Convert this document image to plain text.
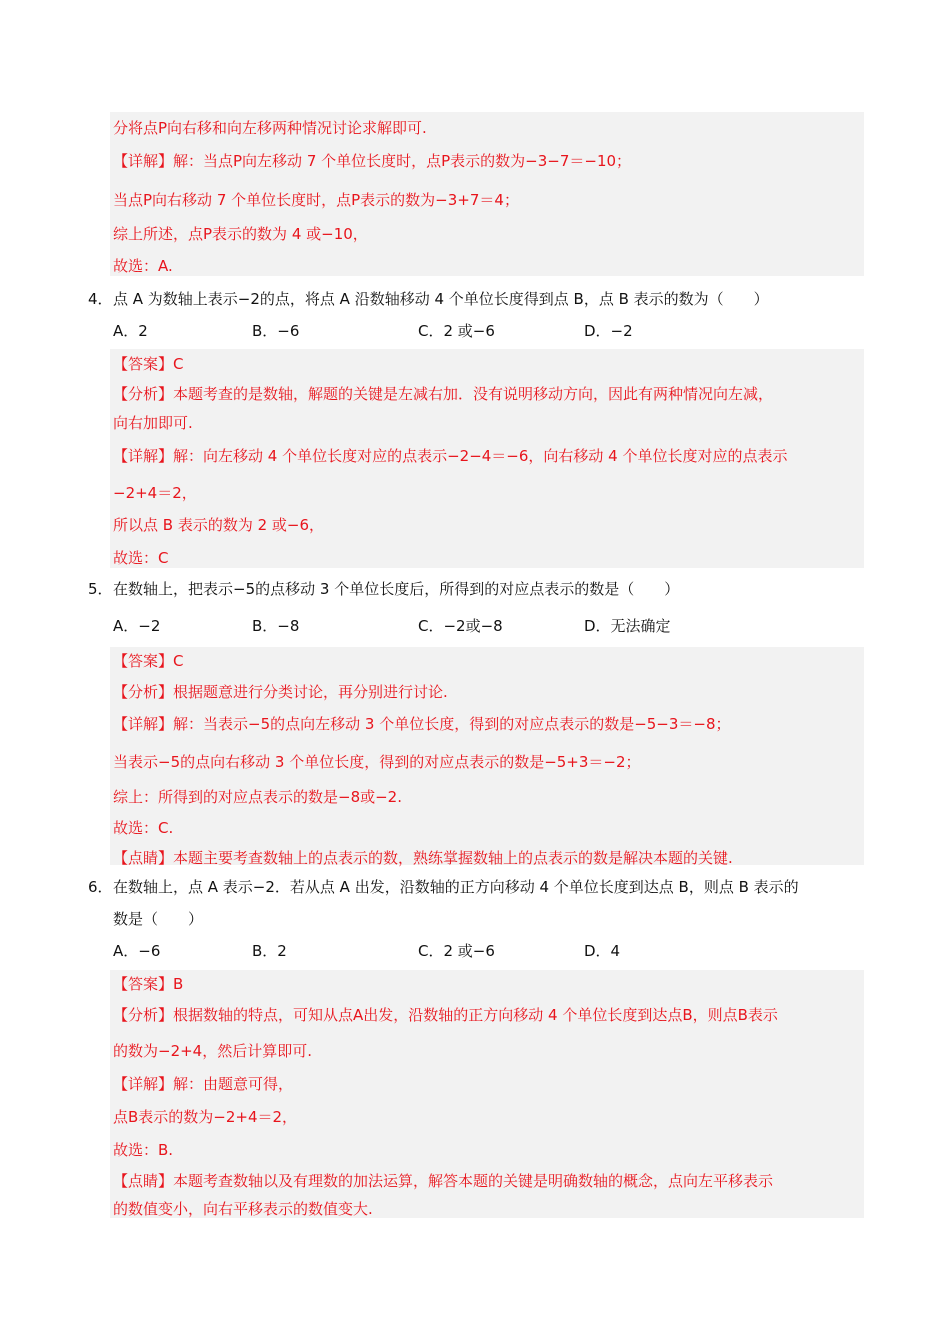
分将点P向右移和向左移两种情况讨论求解即可.
【详解】解：当点P向左移动 7 个单位长度时，点P表示的数为−3−7＝−10；
当点P向右移动 7 个单位长度时，点P表示的数为−3+7＝4；
综上所述，点P表示的数为 4 或−10，
故选：A.
4．点 A 为数轴上表示−2的点，将点 A 沿数轴移动 4 个单位长度得到点 B，点 B 表示的数为（　　）
A．2	B．−6	C．2 或−6	D．−2
【答案】C
【分析】本题考查的是数轴，解题的关键是左减右加．没有说明移动方向，因此有两种情况向左减，
向右加即可.
【详解】解：向左移动 4 个单位长度对应的点表示−2−4＝−6，向右移动 4 个单位长度对应的点表示
−2+4＝2，
所以点 B 表示的数为 2 或−6，
故选：C
5．在数轴上，把表示−5的点移动 3 个单位长度后，所得到的对应点表示的数是（　　）
A．−2	B．−8	C．−2或−8	D．无法确定
【答案】C
【分析】根据题意进行分类讨论，再分别进行讨论.
【详解】解：当表示−5的点向左移动 3 个单位长度，得到的对应点表示的数是−5−3＝−8；
当表示−5的点向右移动 3 个单位长度，得到的对应点表示的数是−5+3＝−2；
综上：所得到的对应点表示的数是−8或−2.
故选：C.
【点睛】本题主要考查数轴上的点表示的数，熟练掌握数轴上的点表示的数是解决本题的关键.
6．在数轴上，点 A 表示−2．若从点 A 出发，沿数轴的正方向移动 4 个单位长度到达点 B，则点 B 表示的
数是（　　）
A．−6	B．2	C．2 或−6	D．4
【答案】B
【分析】根据数轴的特点，可知从点A出发，沿数轴的正方向移动 4 个单位长度到达点B，则点B表示
的数为−2+4，然后计算即可.
【详解】解：由题意可得，
点B表示的数为−2+4＝2，
故选：B.
【点睛】本题考查数轴以及有理数的加法运算，解答本题的关键是明确数轴的概念，点向左平移表示
的数值变小，向右平移表示的数值变大.
